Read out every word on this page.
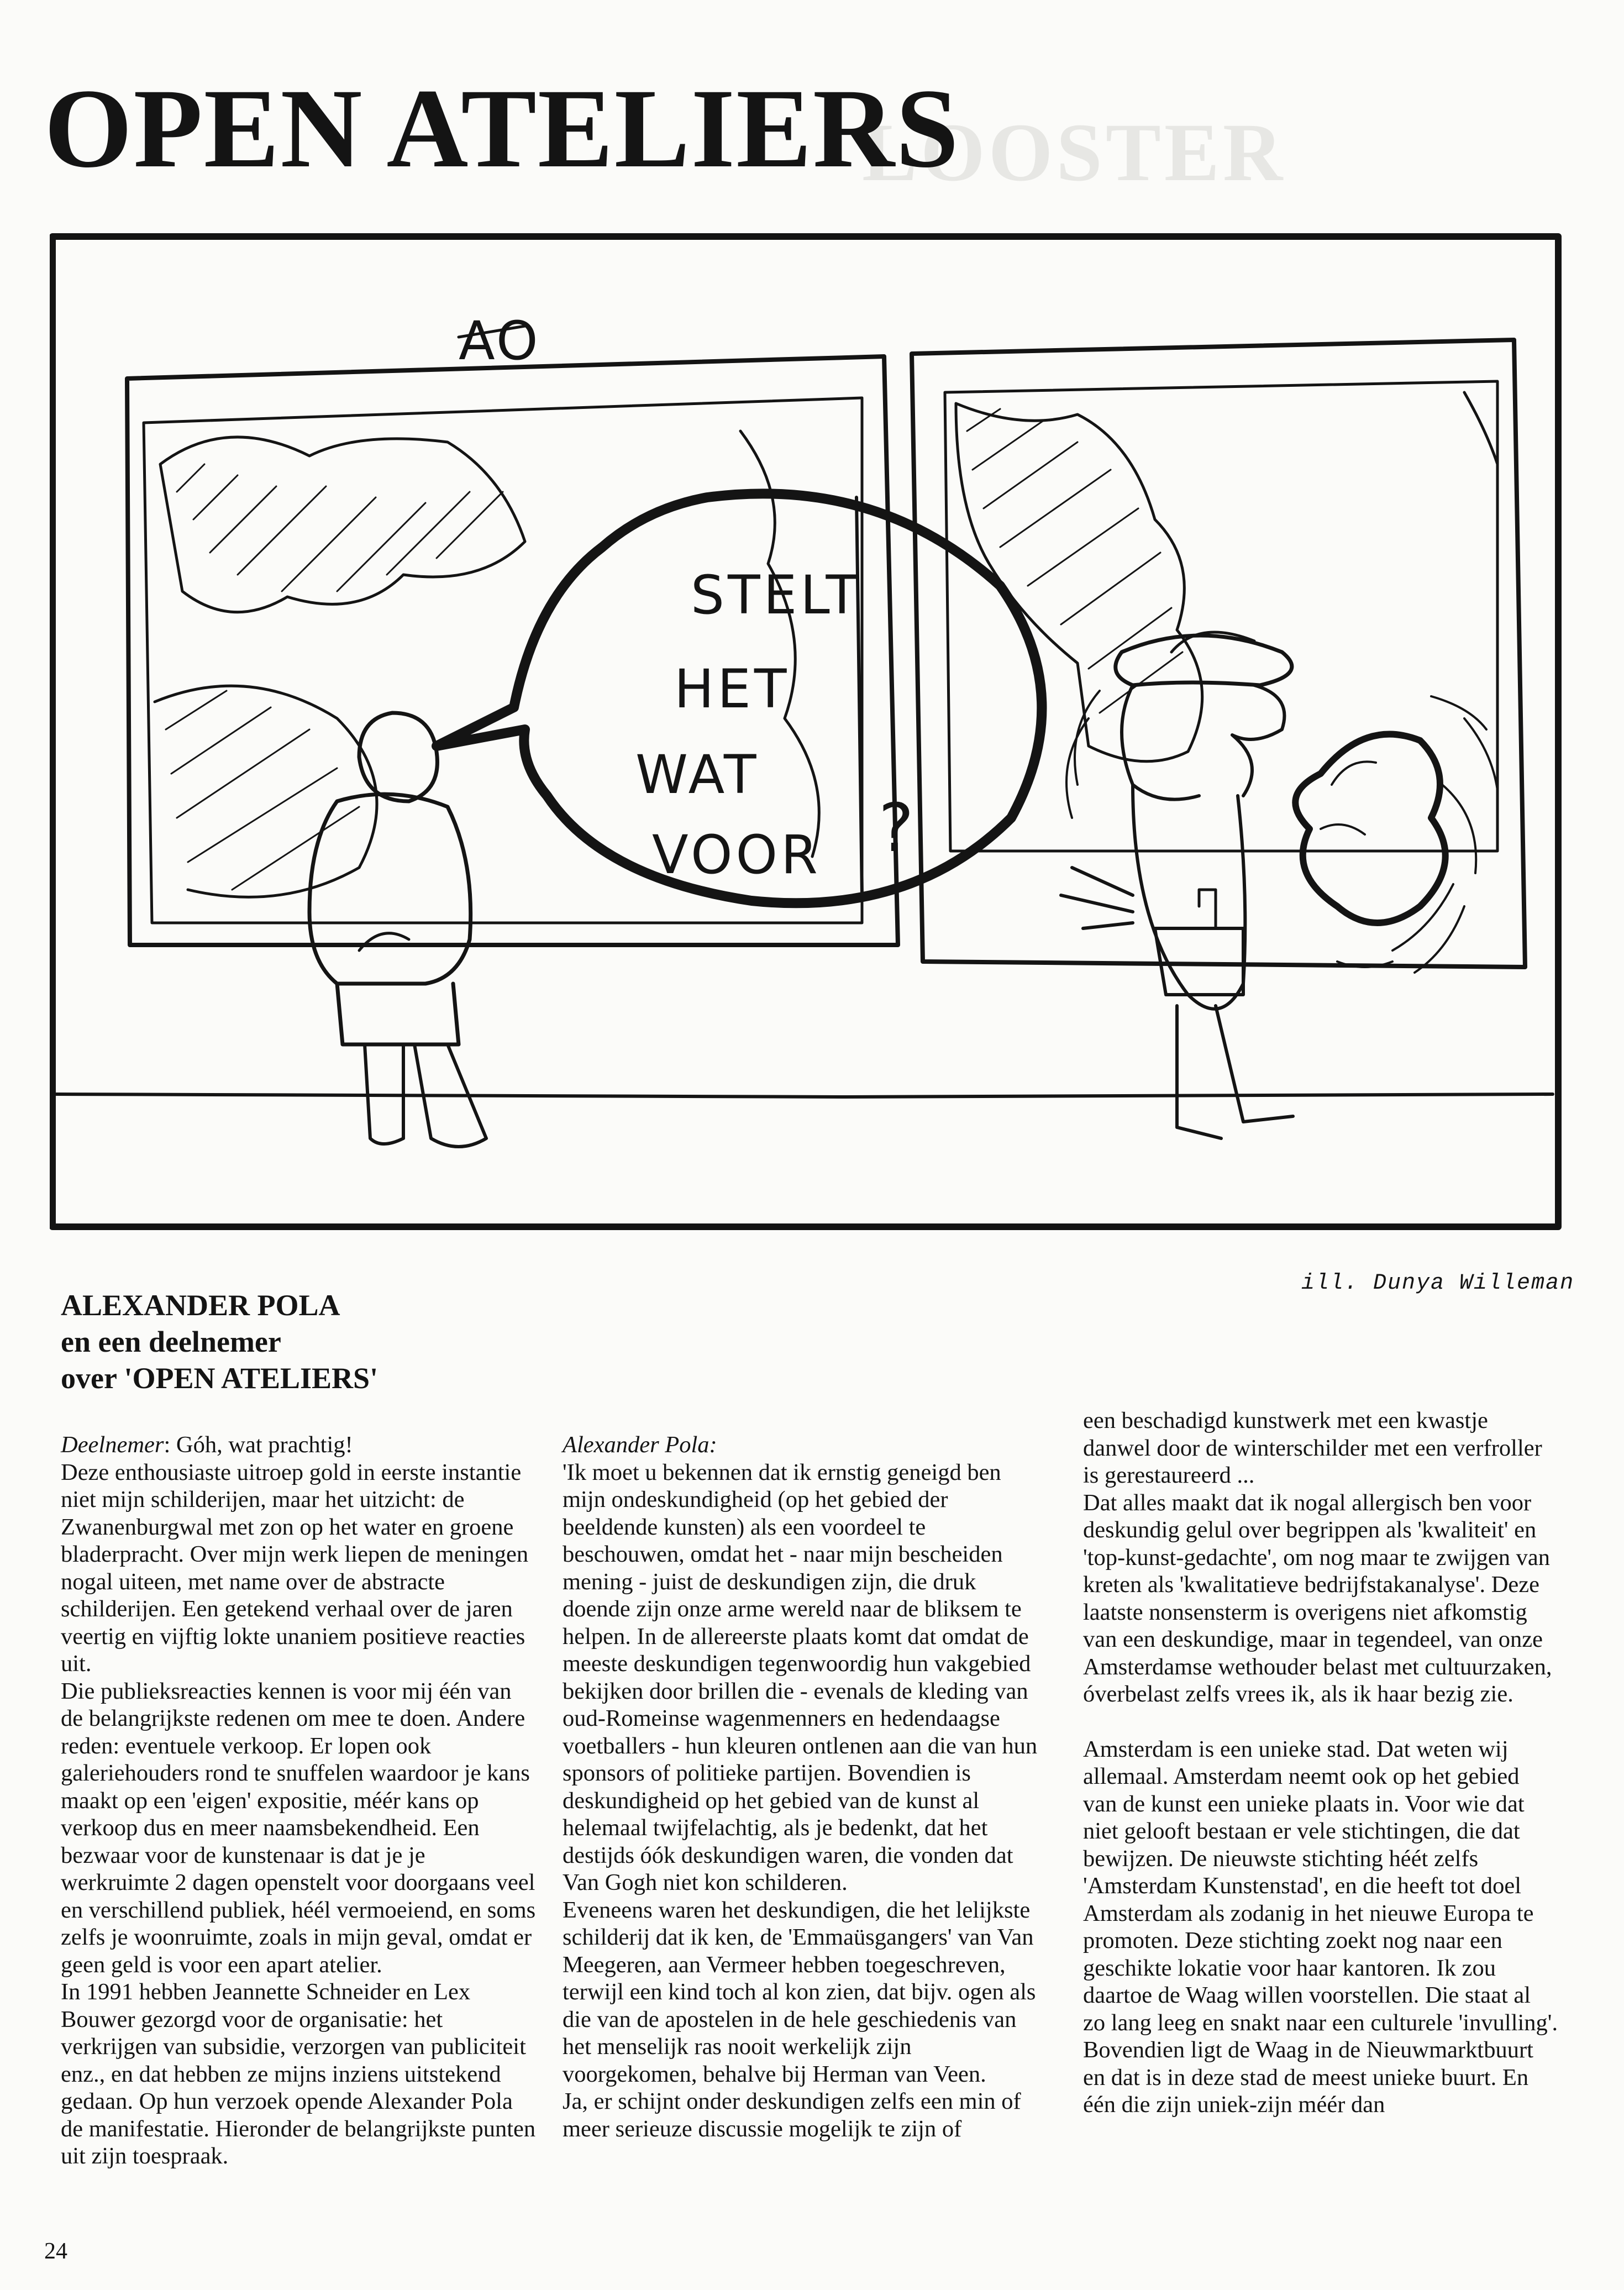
LOOSTER
OPEN ATELIERS
AO
STELT
HET
WAT
VOOR ?
ill. Dunya Willeman
ALEXANDER POLA
en een deelnemer
over 'OPEN ATELIERS'

Deelnemer: Góh, wat prachtig!

Deze enthousiaste uitroep gold in eerste instantie niet mijn schilderijen, maar het uitzicht: de Zwanenburgwal met zon op het water en groene bladerpracht. Over mijn werk liepen de meningen nogal uiteen, met name over de abstracte schilderijen. Een getekend verhaal over de jaren veertig en vijftig lokte unaniem positieve reacties uit.

Die publieksreacties kennen is voor mij één van de belangrijkste redenen om mee te doen. Andere reden: eventuele verkoop. Er lopen ook galeriehouders rond te snuffelen waardoor je kans maakt op een 'eigen' expositie, méér kans op verkoop dus en meer naamsbekendheid. Een bezwaar voor de kunstenaar is dat je je werkruimte 2 dagen openstelt voor doorgaans veel en verschillend publiek, héél vermoeiend, en soms zelfs je woonruimte, zoals in mijn geval, omdat er geen geld is voor een apart atelier.

In 1991 hebben Jeannette Schneider en Lex Bouwer gezorgd voor de organisatie: het verkrijgen van subsidie, verzorgen van publiciteit enz., en dat hebben ze mijns inziens uitstekend gedaan. Op hun verzoek opende Alexander Pola de manifestatie. Hieronder de belangrijkste punten uit zijn toespraak.

Alexander Pola:

'Ik moet u bekennen dat ik ernstig geneigd ben mijn ondeskundigheid (op het gebied der beeldende kunsten) als een voordeel te beschouwen, omdat het - naar mijn bescheiden mening - juist de deskundigen zijn, die druk doende zijn onze arme wereld naar de bliksem te helpen. In de allereerste plaats komt dat omdat de meeste deskundigen tegenwoordig hun vakgebied bekijken door brillen die - evenals de kleding van oud-Romeinse wagenmenners en hedendaagse voetballers - hun kleuren ontlenen aan die van hun sponsors of politieke partijen. Bovendien is deskundigheid op het gebied van de kunst al helemaal twijfelachtig, als je bedenkt, dat het destijds óók deskundigen waren, die vonden dat Van Gogh niet kon schilderen.

Eveneens waren het deskundigen, die het lelijkste schilderij dat ik ken, de 'Emmaüsgangers' van Van Meegeren, aan Vermeer hebben toegeschreven, terwijl een kind toch al kon zien, dat bijv. ogen als die van de apostelen in de hele geschiedenis van het menselijk ras nooit werkelijk zijn voorgekomen, behalve bij Herman van Veen.

Ja, er schijnt onder deskundigen zelfs een min of meer serieuze discussie mogelijk te zijn of

een beschadigd kunstwerk met een kwastje danwel door de winterschilder met een verfroller is gerestaureerd ...

Dat alles maakt dat ik nogal allergisch ben voor deskundig gelul over begrippen als 'kwaliteit' en 'top-kunst-gedachte', om nog maar te zwijgen van kreten als 'kwalitatieve bedrijfstakanalyse'. Deze laatste nonsensterm is overigens niet afkomstig van een deskundige, maar in tegendeel, van onze Amsterdamse wethouder belast met cultuurzaken, óverbelast zelfs vrees ik, als ik haar bezig zie.

Amsterdam is een unieke stad. Dat weten wij allemaal. Amsterdam neemt ook op het gebied van de kunst een unieke plaats in. Voor wie dat niet gelooft bestaan er vele stichtingen, die dat bewijzen. De nieuwste stichting héét zelfs 'Amsterdam Kunstenstad', en die heeft tot doel Amsterdam als zodanig in het nieuwe Europa te promoten. Deze stichting zoekt nog naar een geschikte lokatie voor haar kantoren. Ik zou daartoe de Waag willen voorstellen. Die staat al zo lang leeg en snakt naar een culturele 'invulling'.

Bovendien ligt de Waag in de Nieuwmarktbuurt en dat is in deze stad de meest unieke buurt. En één die zijn uniek-zijn méér dan

24
